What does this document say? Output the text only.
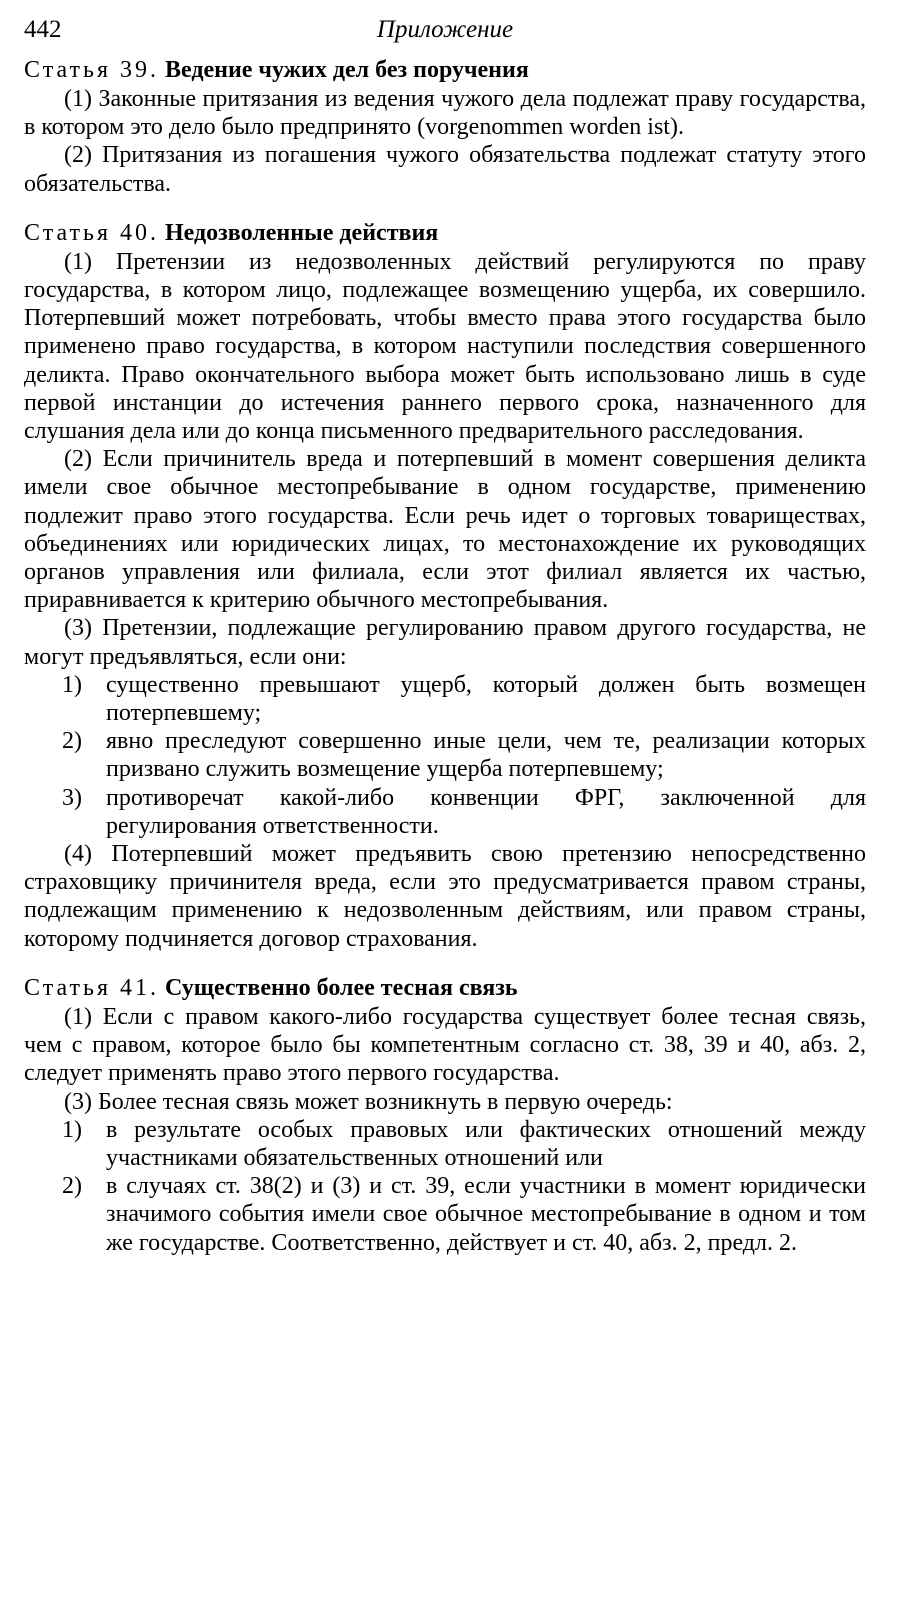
442	Приложение
Статья 39. Ведение чужих дел без поручения

(1) Законные притязания из ведения чужого дела подлежат праву государства, в котором это дело было предпринято (vorgenommen worden ist).

(2) Притязания из погашения чужого обязательства подлежат статуту этого обязательства.

Статья 40. Недозволенные действия

(1) Претензии из недозволенных действий регулируются по праву государства, в котором лицо, подлежащее возмещению ущерба, их совершило. Потерпевший может потребовать, чтобы вместо права этого государства было применено право государства, в котором наступили последствия совершенного деликта. Право окончательного выбора может быть использовано лишь в суде первой инстанции до истечения раннего первого срока, назначенного для слушания дела или до конца письменного предварительного расследования.

(2) Если причинитель вреда и потерпевший в момент совершения деликта имели свое обычное местопребывание в одном государстве, применению подлежит право этого государства. Если речь идет о торговых товариществах, объединениях или юридических лицах, то местонахождение их руководящих органов управления или филиала, если этот филиал является их частью, приравнивается к критерию обычного местопребывания.

(3) Претензии, подлежащие регулированию правом другого государства, не могут предъявляться, если они:

1) существенно превышают ущерб, который должен быть возмещен потерпевшему;
2) явно преследуют совершенно иные цели, чем те, реализации которых призвано служить возмещение ущерба потерпевшему;
3) противоречат какой-либо конвенции ФРГ, заключенной для регулирования ответственности.

(4) Потерпевший может предъявить свою претензию непосредственно страховщику причинителя вреда, если это предусматривается правом страны, подлежащим применению к недозволенным действиям, или правом страны, которому подчиняется договор страхования.

Статья 41. Существенно более тесная связь

(1) Если с правом какого-либо государства существует более тесная связь, чем с правом, которое было бы компетентным согласно ст. 38, 39 и 40, абз. 2, следует применять право этого первого государства.

(3) Более тесная связь может возникнуть в первую очередь:

1) в результате особых правовых или фактических отношений между участниками обязательственных отношений или
2) в случаях ст. 38(2) и (3) и ст. 39, если участники в момент юридически значимого события имели свое обычное местопребывание в одном и том же государстве. Соответственно, действует и ст. 40, абз. 2, предл. 2.
